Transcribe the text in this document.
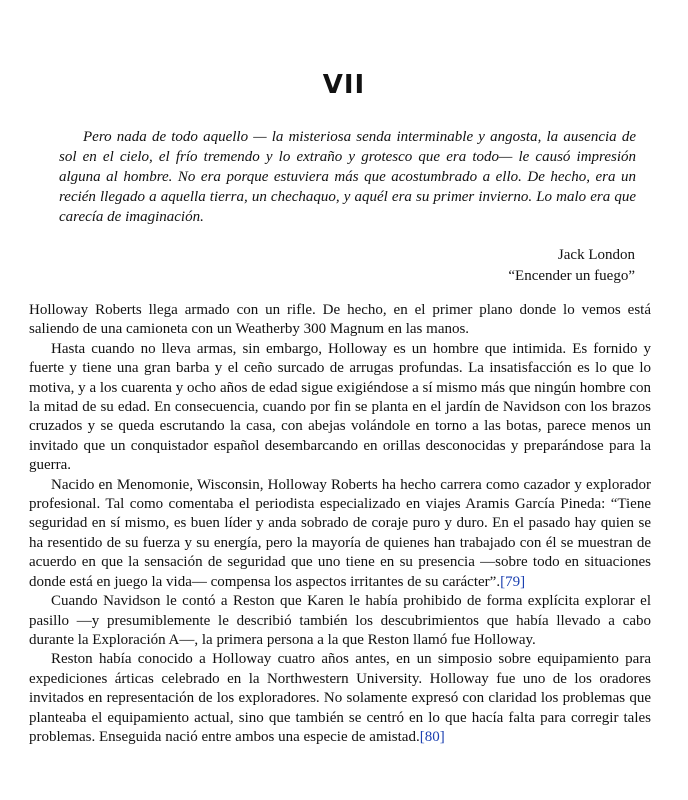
VII

Pero nada de todo aquello — la misteriosa senda interminable y angosta, la ausencia de sol en el cielo, el frío tremendo y lo extraño y grotesco que era todo— le causó impresión alguna al hombre. No era porque estuviera más que acostumbrado a ello. De hecho, era un recién llegado a aquella tierra, un chechaquo, y aquél era su primer invierno. Lo malo era que carecía de imaginación.

Jack London
“Encender un fuego”

Holloway Roberts llega armado con un rifle. De hecho, en el primer plano donde lo vemos está saliendo de una camioneta con un Weatherby 300 Magnum en las manos.

Hasta cuando no lleva armas, sin embargo, Holloway es un hombre que intimida. Es fornido y fuerte y tiene una gran barba y el ceño surcado de arrugas profundas. La insatisfacción es lo que lo motiva, y a los cuarenta y ocho años de edad sigue exigiéndose a sí mismo más que ningún hombre con la mitad de su edad. En consecuencia, cuando por fin se planta en el jardín de Navidson con los brazos cruzados y se queda escrutando la casa, con abejas volándole en torno a las botas, parece menos un invitado que un conquistador español desembarcando en orillas desconocidas y preparándose para la guerra.

Nacido en Menomonie, Wisconsin, Holloway Roberts ha hecho carrera como cazador y explorador profesional. Tal como comentaba el periodista especializado en viajes Aramis García Pineda: “Tiene seguridad en sí mismo, es buen líder y anda sobrado de coraje puro y duro. En el pasado hay quien se ha resentido de su fuerza y su energía, pero la mayoría de quienes han trabajado con él se muestran de acuerdo en que la sensación de seguridad que uno tiene en su presencia —sobre todo en situaciones donde está en juego la vida— compensa los aspectos irritantes de su carácter”.[79]

Cuando Navidson le contó a Reston que Karen le había prohibido de forma explícita explorar el pasillo —y presumiblemente le describió también los descubrimientos que había llevado a cabo durante la Exploración A—, la primera persona a la que Reston llamó fue Holloway.

Reston había conocido a Holloway cuatro años antes, en un simposio sobre equipamiento para expediciones árticas celebrado en la Northwestern University. Holloway fue uno de los oradores invitados en representación de los exploradores. No solamente expresó con claridad los problemas que planteaba el equipamiento actual, sino que también se centró en lo que hacía falta para corregir tales problemas. Enseguida nació entre ambos una especie de amistad.[80]
